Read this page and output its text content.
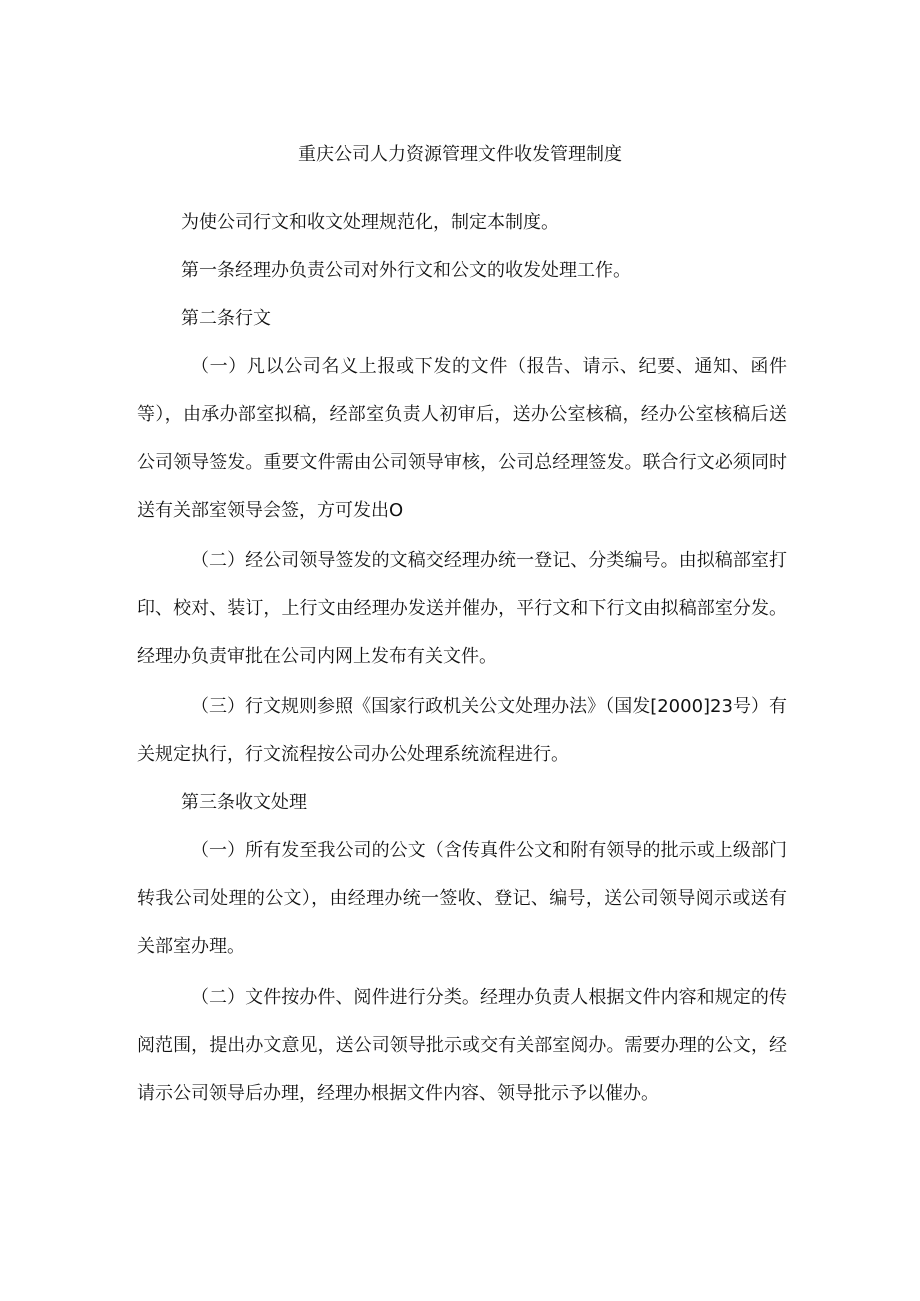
重庆公司人力资源管理文件收发管理制度

为使公司行文和收文处理规范化，制定本制度。

第一条经理办负责公司对外行文和公文的收发处理工作。

第二条行文

（一）凡以公司名义上报或下发的文件（报告、请示、纪要、通知、函件等），由承办部室拟稿，经部室负责人初审后，送办公室核稿，经办公室核稿后送公司领导签发。重要文件需由公司领导审核，公司总经理签发。联合行文必须同时送有关部室领导会签，方可发出O

（二）经公司领导签发的文稿交经理办统一登记、分类编号。由拟稿部室打印、校对、装订，上行文由经理办发送并催办，平行文和下行文由拟稿部室分发。经理办负责审批在公司内网上发布有关文件。

（三）行文规则参照《国家行政机关公文处理办法》（国发[2000]23号）有关规定执行，行文流程按公司办公处理系统流程进行。

第三条收文处理

（一）所有发至我公司的公文（含传真件公文和附有领导的批示或上级部门转我公司处理的公文），由经理办统一签收、登记、编号，送公司领导阅示或送有关部室办理。

（二）文件按办件、阅件进行分类。经理办负责人根据文件内容和规定的传阅范围，提出办文意见，送公司领导批示或交有关部室阅办。需要办理的公文，经请示公司领导后办理，经理办根据文件内容、领导批示予以催办。
